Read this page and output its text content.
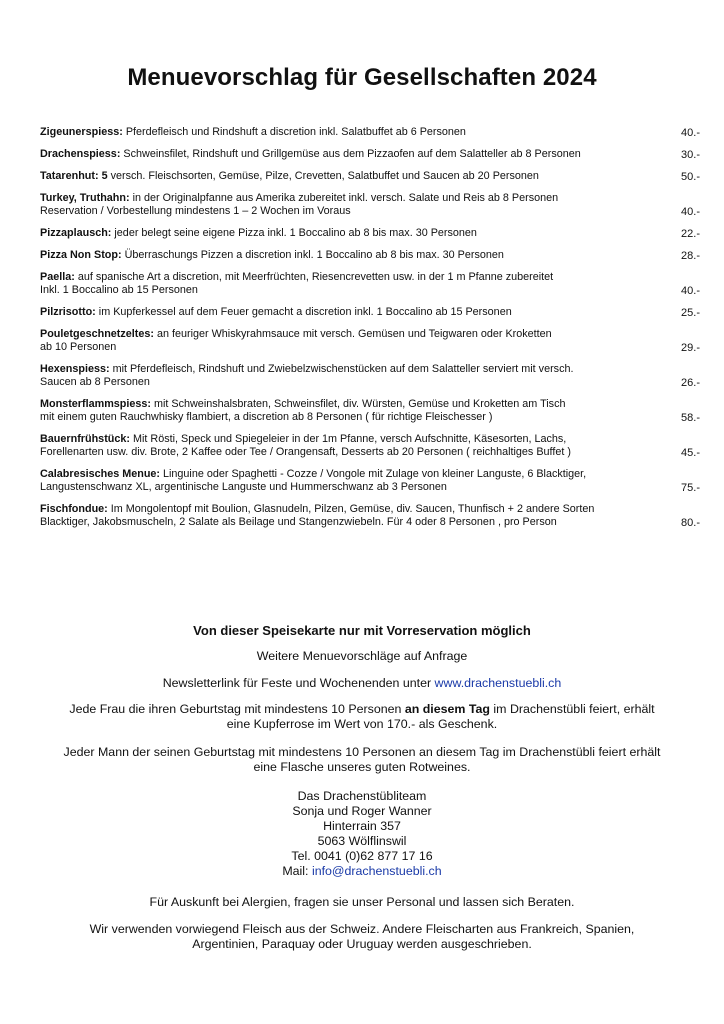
Menuevorschlag für Gesellschaften 2024
Zigeunerspiess: Pferdefleisch und Rindshuft a discretion inkl. Salatbuffet ab 6 Personen	40.-
Drachenspiess: Schweinsfilet, Rindshuft und Grillgemüse aus dem Pizzaofen auf dem Salatteller ab 8 Personen	30.-
Tatarenhut: 5 versch. Fleischsorten, Gemüse, Pilze, Crevetten, Salatbuffet und Saucen ab 20 Personen	50.-
Turkey, Truthahn: in der Originalpfanne aus Amerika zubereitet inkl. versch. Salate und Reis ab 8 Personen
Reservation / Vorbestellung mindestens 1 – 2 Wochen im Voraus	40.-
Pizzaplausch: jeder belegt seine eigene Pizza inkl. 1 Boccalino ab 8 bis max. 30 Personen	22.-
Pizza Non Stop: Überraschungs Pizzen a discretion inkl. 1 Boccalino ab 8 bis max. 30 Personen	28.-
Paella: auf spanische Art a discretion, mit Meerfrüchten, Riesencrevetten usw. in der 1 m Pfanne zubereitet
Inkl. 1 Boccalino ab 15 Personen	40.-
Pilzrisotto: im Kupferkessel auf dem Feuer gemacht a discretion inkl. 1 Boccalino ab 15 Personen	25.-
Pouletgeschnetzeltes: an feuriger Whiskyrahmsauce mit versch. Gemüsen und Teigwaren oder Kroketten
ab 10 Personen	29.-
Hexenspiess: mit Pferdefleisch, Rindshuft und Zwiebelzwischenstücken auf dem Salatteller serviert mit versch.
Saucen ab 8 Personen	26.-
Monsterflammspiess: mit Schweinshalsbraten, Schweinsfilet, div. Würsten, Gemüse und Kroketten am Tisch
mit einem guten Rauchwhisky flambiert, a discretion ab 8 Personen ( für richtige Fleischesser )	58.-
Bauernfrühstück: Mit Rösti, Speck und Spiegeleier in der 1m Pfanne, versch Aufschnitte, Käsesorten, Lachs,
Forellenarten usw. div. Brote, 2 Kaffee oder Tee / Orangensaft, Desserts ab 20 Personen ( reichhaltiges Buffet )	45.-
Calabresisches Menue: Linguine oder Spaghetti - Cozze / Vongole mit Zulage von kleiner Languste, 6 Blacktiger,
Langustenschwanz XL, argentinische Languste und Hummerschwanz ab 3 Personen	75.-
Fischfondue: Im Mongolentopf mit Boulion, Glasnudeln, Pilzen, Gemüse, div. Saucen, Thunfisch + 2 andere Sorten
Blacktiger, Jakobsmuscheln, 2 Salate als Beilage und Stangenzwiebeln. Für 4 oder 8 Personen , pro Person	80.-

Von dieser Speisekarte nur mit Vorreservation möglich

Weitere Menuevorschläge auf Anfrage

Newsletterlink für Feste und Wochenenden unter www.drachenstuebli.ch

Jede Frau die ihren Geburtstag mit mindestens 10 Personen an diesem Tag im Drachenstübli feiert, erhält

eine Kupferrose im Wert von 170.- als Geschenk.

Jeder Mann der seinen Geburtstag mit mindestens 10 Personen an diesem Tag im Drachenstübli feiert erhält

eine Flasche unseres guten Rotweines.

Das Drachenstübliteam

Sonja und Roger Wanner

Hinterrain 357

5063 Wölflinswil

Tel. 0041 (0)62 877 17 16

Mail: info@drachenstuebli.ch

Für Auskunft bei Alergien, fragen sie unser Personal und lassen sich Beraten.

Wir verwenden vorwiegend Fleisch aus der Schweiz. Andere Fleischarten aus Frankreich, Spanien,

Argentinien, Paraquay oder Uruguay werden ausgeschrieben.
